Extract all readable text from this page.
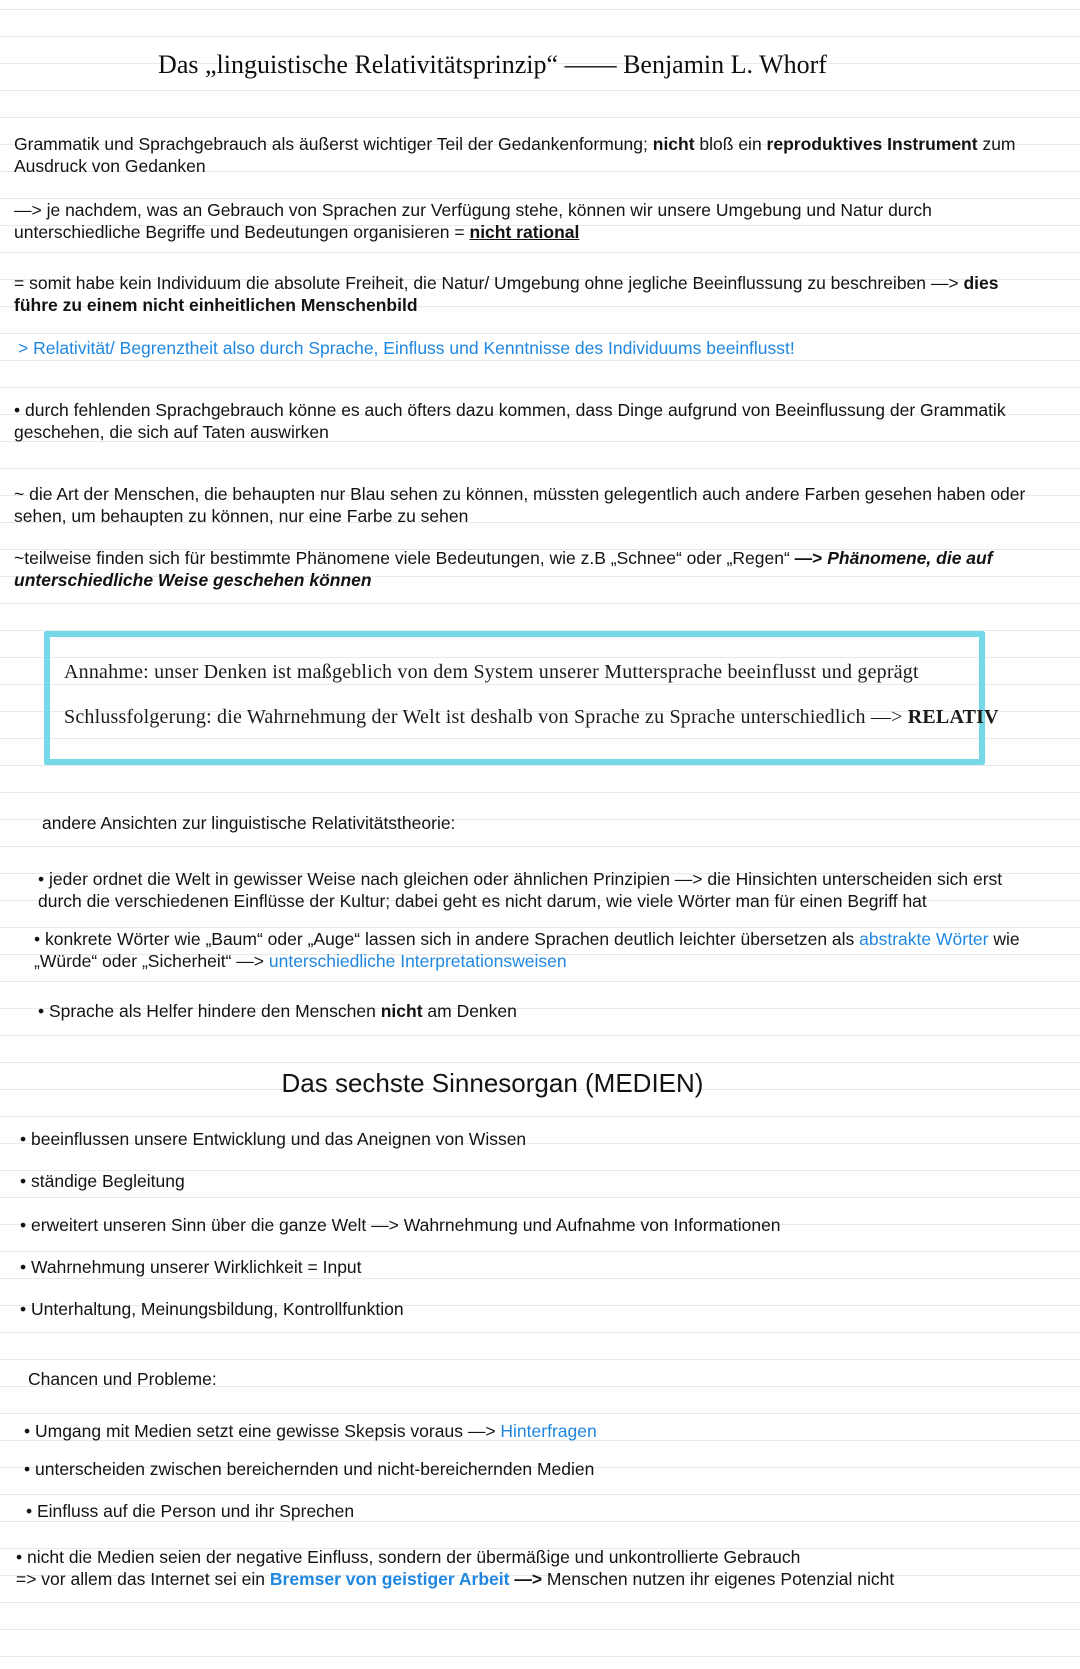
Das „linguistische Relativitätsprinzip“ —— Benjamin L. Whorf
Grammatik und Sprachgebrauch als äußerst wichtiger Teil der Gedankenformung; nicht bloß ein reproduktives Instrument zum
Ausdruck von Gedanken
—> je nachdem, was an Gebrauch von Sprachen zur Verfügung stehe, können wir unsere Umgebung und Natur durch
unterschiedliche Begriffe und Bedeutungen organisieren = nicht rational
= somit habe kein Individuum die absolute Freiheit, die Natur/ Umgebung ohne jegliche Beeinflussung zu beschreiben —> dies
führe zu einem nicht einheitlichen Menschenbild
> Relativität/ Begrenztheit also durch Sprache, Einfluss und Kenntnisse des Individuums beeinflusst!
• durch fehlenden Sprachgebrauch könne es auch öfters dazu kommen, dass Dinge aufgrund von Beeinflussung der Grammatik
geschehen, die sich auf Taten auswirken
~ die Art der Menschen, die behaupten nur Blau sehen zu können, müssten gelegentlich auch andere Farben gesehen haben oder
sehen, um behaupten zu können, nur eine Farbe zu sehen
~teilweise finden sich für bestimmte Phänomene viele Bedeutungen, wie z.B „Schnee“ oder „Regen“ —> Phänomene, die auf
unterschiedliche Weise geschehen können
Annahme: unser Denken ist maßgeblich von dem System unserer Muttersprache beeinflusst und geprägt
Schlussfolgerung: die Wahrnehmung der Welt ist deshalb von Sprache zu Sprache unterschiedlich —> RELATIV
andere Ansichten zur linguistische Relativitätstheorie:
• jeder ordnet die Welt in gewisser Weise nach gleichen oder ähnlichen Prinzipien —> die Hinsichten unterscheiden sich erst
durch die verschiedenen Einflüsse der Kultur; dabei geht es nicht darum, wie viele Wörter man für einen Begriff hat
• konkrete Wörter wie „Baum“ oder „Auge“ lassen sich in andere Sprachen deutlich leichter übersetzen als abstrakte Wörter wie
„Würde“ oder „Sicherheit“ —> unterschiedliche Interpretationsweisen
• Sprache als Helfer hindere den Menschen nicht am Denken
Das sechste Sinnesorgan (MEDIEN)
• beeinflussen unsere Entwicklung und das Aneignen von Wissen
• ständige Begleitung
• erweitert unseren Sinn über die ganze Welt —> Wahrnehmung und Aufnahme von Informationen
• Wahrnehmung unserer Wirklichkeit = Input
• Unterhaltung, Meinungsbildung, Kontrollfunktion
Chancen und Probleme:
• Umgang mit Medien setzt eine gewisse Skepsis voraus —> Hinterfragen
• unterscheiden zwischen bereichernden und nicht-bereichernden Medien
• Einfluss auf die Person und ihr Sprechen
• nicht die Medien seien der negative Einfluss, sondern der übermäßige und unkontrollierte Gebrauch
=> vor allem das Internet sei ein Bremser von geistiger Arbeit —> Menschen nutzen ihr eigenes Potenzial nicht
